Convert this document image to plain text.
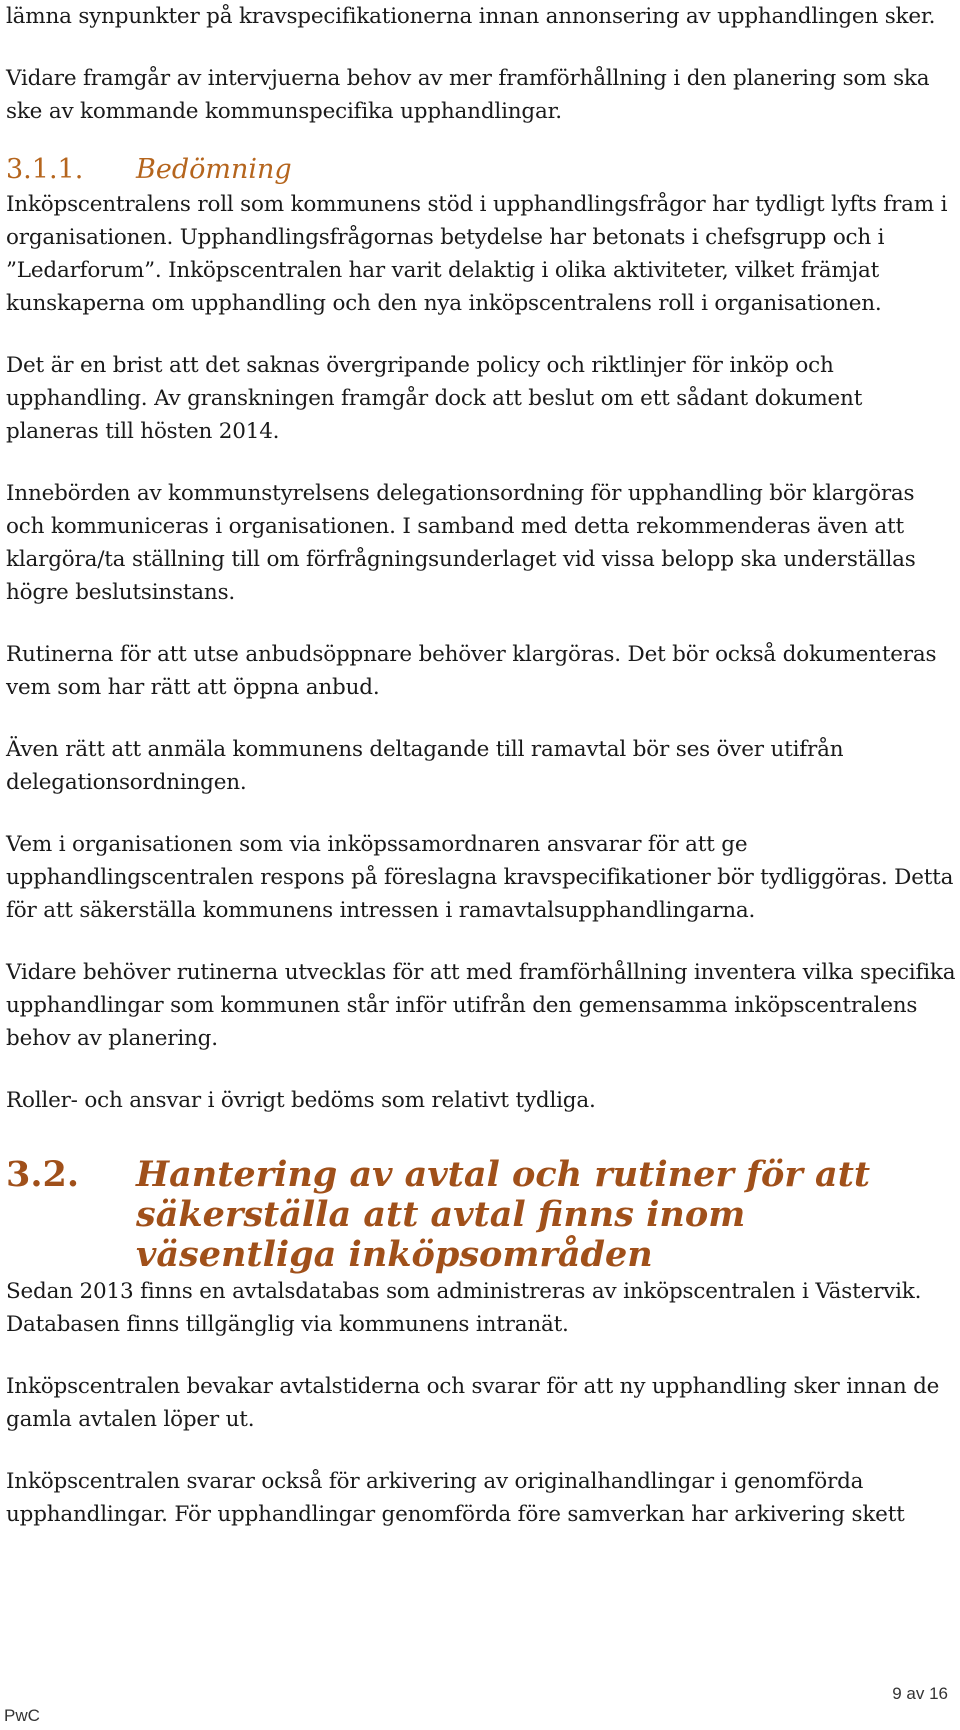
lämna synpunkter på kravspecifikationerna innan annonsering av upphandlingen sker.

Vidare framgår av intervjuerna behov av mer framförhållning i den planering som ska ske av kommande kommunspecifika upphandlingar.

3.1.1.	Bedömning

Inköpscentralens roll som kommunens stöd i upphandlingsfrågor har tydligt lyfts fram i organisationen. Upphandlingsfrågornas betydelse har betonats i chefsgrupp och i ”Ledarforum”. Inköpscentralen har varit delaktig i olika aktiviteter, vilket främjat kunskaperna om upphandling och den nya inköpscentralens roll i organisationen.

Det är en brist att det saknas övergripande policy och riktlinjer för inköp och upphandling. Av granskningen framgår dock att beslut om ett sådant dokument planeras till hösten 2014.

Innebörden av kommunstyrelsens delegationsordning för upphandling bör klargöras och kommuniceras i organisationen. I samband med detta rekommenderas även att klargöra/ta ställning till om förfrågningsunderlaget vid vissa belopp ska underställas högre beslutsinstans.

Rutinerna för att utse anbudsöppnare behöver klargöras. Det bör också dokumenteras vem som har rätt att öppna anbud.

Även rätt att anmäla kommunens deltagande till ramavtal bör ses över utifrån delegationsordningen.

Vem i organisationen som via inköpssamordnaren ansvarar för att ge upphandlingscentralen respons på föreslagna kravspecifikationer bör tydliggöras. Detta för att säkerställa kommunens intressen i ramavtalsupphandlingarna.

Vidare behöver rutinerna utvecklas för att med framförhållning inventera vilka specifika upphandlingar som kommunen står inför utifrån den gemensamma inköpscentralens behov av planering.

Roller- och ansvar i övrigt bedöms som relativt tydliga.

3.2.	Hantering av avtal och rutiner för att säkerställa att avtal finns inom väsentliga inköpsområden

Sedan 2013 finns en avtalsdatabas som administreras av inköpscentralen i Västervik. Databasen finns tillgänglig via kommunens intranät.

Inköpscentralen bevakar avtalstiderna och svarar för att ny upphandling sker innan de gamla avtalen löper ut.

Inköpscentralen svarar också för arkivering av originalhandlingar i genomförda upphandlingar. För upphandlingar genomförda före samverkan har arkivering skett

9 av 16
PwC
